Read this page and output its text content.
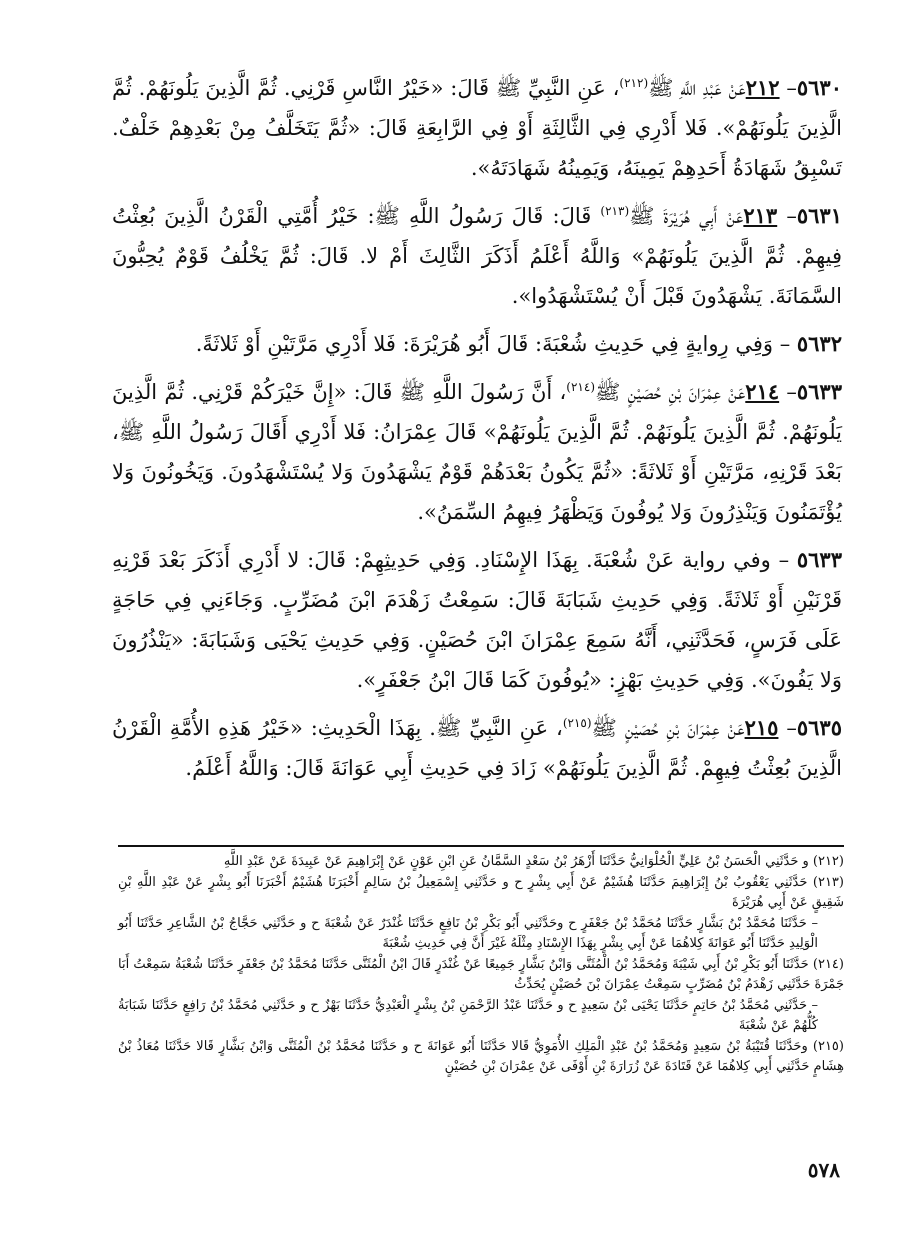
٥٦٣٠– ٢١٢عَنْ عَبْدِ اللَّهِ ﷺ$^{(٢١٢)}$، عَنِ النَّبِيِّ ﷺ قَالَ: «خَيْرُ النَّاسِ قَرْنِي. ثُمَّ الَّذِينَ يَلُونَهُمْ. ثُمَّ الَّذِينَ يَلُونَهُمْ». فَلا أَدْرِي فِي الثَّالِثَةِ أَوْ فِي الرَّابِعَةِ قَالَ: «ثُمَّ يَتَخَلَّفُ مِنْ بَعْدِهِمْ خَلْفٌ. تَسْبِقُ شَهَادَةُ أَحَدِهِمْ يَمِينَهُ، وَيَمِينُهُ شَهَادَتَهُ».

٥٦٣١– ٢١٣عَنْ أَبِي هُرَيْرَةَ ﷺ$^{(٢١٣)}$ قَالَ: قَالَ رَسُولُ اللَّهِ ﷺ: خَيْرُ أُمَّتِي الْقَرْنُ الَّذِينَ بُعِثْتُ فِيهِمْ. ثُمَّ الَّذِينَ يَلُونَهُمْ» وَاللَّهُ أَعْلَمُ أَذَكَرَ الثَّالِثَ أَمْ لا. قَالَ: ثُمَّ يَخْلُفُ قَوْمٌ يُحِبُّونَ السَّمَانَةَ. يَشْهَدُونَ قَبْلَ أَنْ يُسْتَشْهَدُوا».

٥٦٣٢ – وَفِي رِوايةٍ فِي حَدِيثِ شُعْبَةَ: قَالَ أَبُو هُرَيْرَةَ: فَلا أَدْرِي مَرَّتَيْنِ أَوْ ثَلاثَةً.

٥٦٣٣– ٢١٤عَنْ عِمْرَانَ بْنِ حُصَيْنٍ ﷺ$^{(٢١٤)}$، أَنَّ رَسُولَ اللَّهِ ﷺ قَالَ: «إِنَّ خَيْرَكُمْ قَرْنِي. ثُمَّ الَّذِينَ يَلُونَهُمْ. ثُمَّ الَّذِينَ يَلُونَهُمْ. ثُمَّ الَّذِينَ يَلُونَهُمْ» قَالَ عِمْرَانُ: فَلا أَدْرِي أَقَالَ رَسُولُ اللَّهِ ﷺ، بَعْدَ قَرْنِهِ، مَرَّتَيْنِ أَوْ ثَلاثَةً: «ثُمَّ يَكُونُ بَعْدَهُمْ قَوْمٌ يَشْهَدُونَ وَلا يُسْتَشْهَدُونَ. وَيَخُونُونَ وَلا يُؤْتَمَنُونَ وَيَنْذِرُونَ وَلا يُوفُونَ وَيَظْهَرُ فِيهِمُ السِّمَنُ».

٥٦٣٣ – وفي رواية عَنْ شُعْبَةَ. بِهَذَا الإِسْنَادِ. وَفِي حَدِيثِهِمْ: قَالَ: لا أَدْرِي أَذَكَرَ بَعْدَ قَرْنِهِ قَرْنَيْنِ أَوْ ثَلاثَةً. وَفِي حَدِيثِ شَبَابَةَ قَالَ: سَمِعْتُ زَهْدَمَ ابْنَ مُضَرِّبٍ. وَجَاءَنِي فِي حَاجَةٍ عَلَى فَرَسٍ، فَحَدَّثَنِي، أَنَّهُ سَمِعَ عِمْرَانَ ابْنَ حُصَيْنٍ. وَفِي حَدِيثِ يَحْيَى وَشَبَابَةَ: «يَنْذُرُونَ وَلا يَفُونَ». وَفِي حَدِيثِ بَهْزٍ: «يُوفُونَ كَمَا قَالَ ابْنُ جَعْفَرٍ».

٥٦٣٥– ٢١٥عَنْ عِمْرَانَ بْنِ حُصَيْنٍ ﷺ$^{(٢١٥)}$، عَنِ النَّبِيِّ ﷺ. بِهَذَا الْحَدِيثِ: «خَيْرُ هَذِهِ الأُمَّةِ الْقَرْنُ الَّذِينَ بُعِثْتُ فِيهِمْ. ثُمَّ الَّذِينَ يَلُونَهُمْ» زَادَ فِي حَدِيثِ أَبِي عَوَانَةَ قَالَ: وَاللَّهُ أَعْلَمُ.

(٢١٢) و حَدَّثَنِي الْحَسَنُ بْنُ عَلِيٍّ الْحُلْوَانِيُّ حَدَّثَنَا أَزْهَرُ بْنُ سَعْدٍ السَّمَّانُ عَنِ ابْنِ عَوْنٍ عَنْ إِبْرَاهِيمَ عَنْ عَبِيدَةَ عَنْ عَبْدِ اللَّهِ

(٢١٣) حَدَّثَنِي يَعْقُوبُ بْنُ إِبْرَاهِيمَ حَدَّثَنَا هُشَيْمٌ عَنْ أَبِي بِشْرٍ ح و حَدَّثَنِي إِسْمَعِيلُ بْنُ سَالِمٍ أَخْبَرَنَا هُشَيْمٌ أَخْبَرَنَا أَبُو بِشْرٍ عَنْ عَبْدِ اللَّهِ بْنِ شَقِيقٍ عَنْ أَبِي هُرَيْرَةَ

– حَدَّثَنَا مُحَمَّدُ بْنُ بَشَّارٍ حَدَّثَنَا مُحَمَّدُ بْنُ جَعْفَرٍ ح وحَدَّثَنِي أَبُو بَكْرِ بْنُ نَافِعٍ حَدَّثَنَا غُنْدَرٌ عَنْ شُعْبَةَ ح و حَدَّثَنِي حَجَّاجُ بْنُ الشَّاعِرِ حَدَّثَنَا أَبُو الْوَلِيدِ حَدَّثَنَا أَبُو عَوَانَةَ كِلاهُمَا عَنْ أَبِي بِشْرٍ بِهَذَا الإِسْنَادِ مِثْلَهُ غَيْرَ أَنَّ فِي حَدِيثِ شُعْبَةَ

(٢١٤) حَدَّثَنَا أَبُو بَكْرِ بْنُ أَبِي شَيْبَةَ وَمُحَمَّدُ بْنُ الْمُثَنَّى وَابْنُ بَشَّارٍ جَمِيعًا عَنْ غُنْدَرٍ قَالَ ابْنُ الْمُثَنَّى حَدَّثَنَا مُحَمَّدُ بْنُ جَعْفَرٍ حَدَّثَنَا شُعْبَةُ سَمِعْتُ أَبَا جَمْرَةَ حَدَّثَنِي زَهْدَمُ بْنُ مُضَرِّبٍ سَمِعْتُ عِمْرَانَ بْنَ حُصَيْنٍ يُحَدِّثُ

– حَدَّثَنِي مُحَمَّدُ بْنُ حَاتِمٍ حَدَّثَنَا يَحْيَى بْنُ سَعِيدٍ ح و حَدَّثَنَا عَبْدُ الرَّحْمَنِ بْنُ بِشْرٍ الْعَبْدِيُّ حَدَّثَنَا بَهْزٌ ح و حَدَّثَنِي مُحَمَّدُ بْنُ رَافِعٍ حَدَّثَنَا شَبَابَةُ كُلُّهُمْ عَنْ شُعْبَةَ

(٢١٥) وحَدَّثَنَا قُتَيْبَةُ بْنُ سَعِيدٍ وَمُحَمَّدُ بْنُ عَبْدِ الْمَلِكِ الأُمَوِيُّ قَالا حَدَّثَنَا أَبُو عَوَانَةَ ح و حَدَّثَنَا مُحَمَّدُ بْنُ الْمُثَنَّى وَابْنُ بَشَّارٍ قَالا حَدَّثَنَا مُعَاذُ بْنُ هِشَامٍ حَدَّثَنِي أَبِي كِلاهُمَا عَنْ قَتَادَةَ عَنْ زُرَارَةَ بْنِ أَوْفَى عَنْ عِمْرَانَ بْنِ حُصَيْنٍ

٥٧٨
